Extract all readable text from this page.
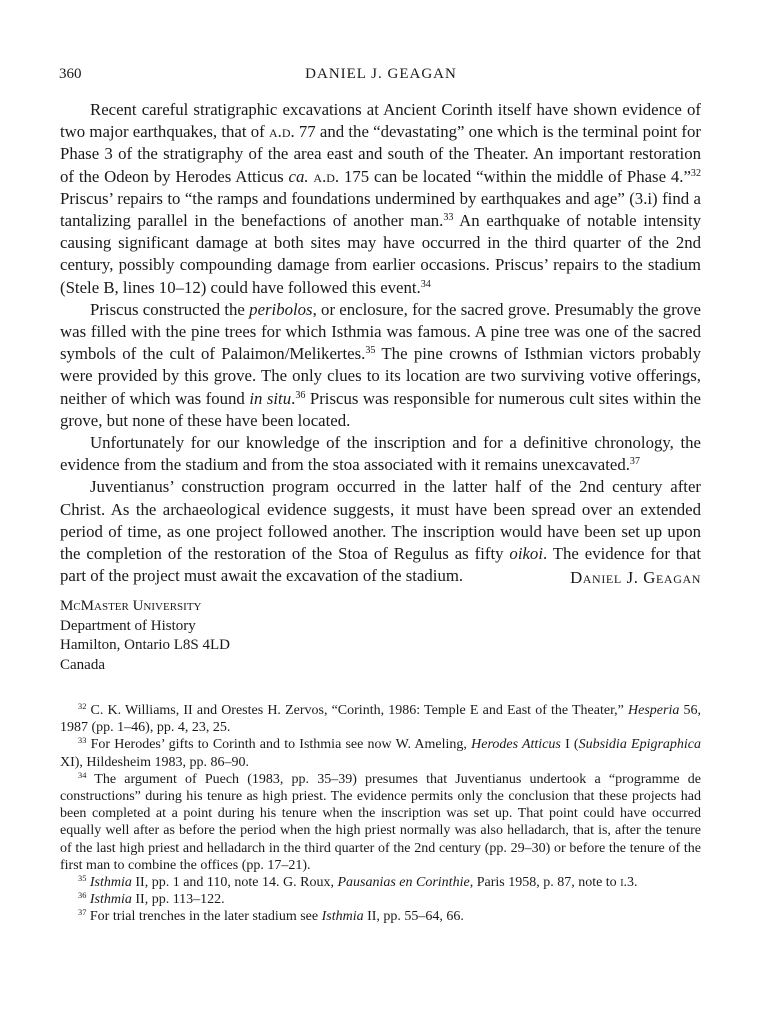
360	DANIEL J. GEAGAN

Recent careful stratigraphic excavations at Ancient Corinth itself have shown evidence of two major earthquakes, that of a.d. 77 and the “devastating” one which is the terminal point for Phase 3 of the stratigraphy of the area east and south of the Theater. An important restoration of the Odeon by Herodes Atticus ca. a.d. 175 can be located “within the middle of Phase 4.”$^{32}$ Priscus’ repairs to “the ramps and foundations undermined by earthquakes and age” (3.i) find a tantalizing parallel in the benefactions of another man.$^{33}$ An earthquake of notable intensity causing significant damage at both sites may have occurred in the third quarter of the 2nd century, possibly compounding damage from earlier occasions. Priscus’ repairs to the stadium (Stele B, lines 10–12) could have followed this event.$^{34}$

Priscus constructed the peribolos, or enclosure, for the sacred grove. Presumably the grove was filled with the pine trees for which Isthmia was famous. A pine tree was one of the sacred symbols of the cult of Palaimon/Melikertes.$^{35}$ The pine crowns of Isthmian victors probably were provided by this grove. The only clues to its location are two surviving votive offerings, neither of which was found in situ.$^{36}$ Priscus was responsible for numerous cult sites within the grove, but none of these have been located.

Unfortunately for our knowledge of the inscription and for a definitive chronology, the evidence from the stadium and from the stoa associated with it remains unexcavated.$^{37}$

Juventianus’ construction program occurred in the latter half of the 2nd century after Christ. As the archaeological evidence suggests, it must have been spread over an extended period of time, as one project followed another. The inscription would have been set up upon the completion of the restoration of the Stoa of Regulus as fifty oikoi. The evidence for that part of the project must await the excavation of the stadium.	Daniel J. Geagan
McMaster University
Department of History
Hamilton, Ontario L8S 4LD
Canada

$^{32}$ C. K. Williams, II and Orestes H. Zervos, “Corinth, 1986: Temple E and East of the Theater,” Hesperia 56, 1987 (pp. 1–46), pp. 4, 23, 25.

$^{33}$ For Herodes’ gifts to Corinth and to Isthmia see now W. Ameling, Herodes Atticus I (Subsidia Epigraphica XI), Hildesheim 1983, pp. 86–90.

$^{34}$ The argument of Puech (1983, pp. 35–39) presumes that Juventianus undertook a “programme de constructions” during his tenure as high priest. The evidence permits only the conclusion that these projects had been completed at a point during his tenure when the inscription was set up. That point could have occurred equally well after as before the period when the high priest normally was also helladarch, that is, after the tenure of the last high priest and helladarch in the third quarter of the 2nd century (pp. 29–30) or before the tenure of the first man to combine the offices (pp. 17–21).

$^{35}$ Isthmia II, pp. 1 and 110, note 14. G. Roux, Pausanias en Corinthie, Paris 1958, p. 87, note to i.3.

$^{36}$ Isthmia II, pp. 113–122.

$^{37}$ For trial trenches in the later stadium see Isthmia II, pp. 55–64, 66.
